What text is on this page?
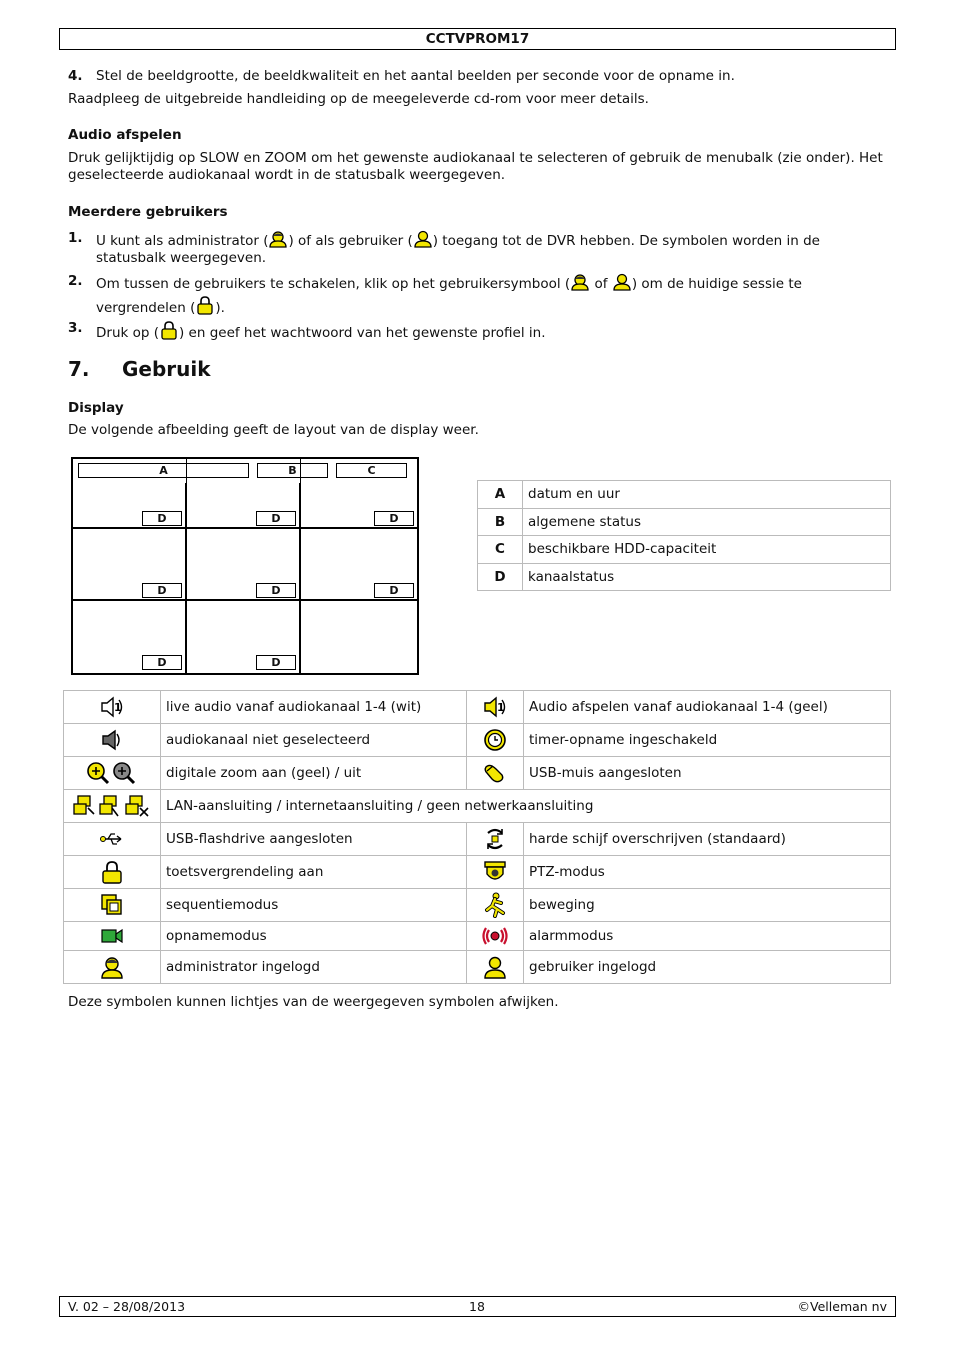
CCTVPROM17
4. Stel de beeldgrootte, de beeldkwaliteit en het aantal beelden per seconde voor de opname in.

Raadpleeg de uitgebreide handleiding op de meegeleverde cd-rom voor meer details.

Audio afspelen

Druk gelijktijdig op SLOW en ZOOM om het gewenste audiokanaal te selecteren of gebruik de menubalk (zie onder). Het geselecteerde audiokanaal wordt in de statusbalk weergegeven.

Meerdere gebruikers

1. U kunt als administrator ( ) of als gebruiker ( ) toegang tot de DVR hebben. De symbolen worden in de statusbalk weergegeven.

2. Om tussen de gebruikers te schakelen, klik op het gebruikersymbool (
of
) om de huidige sessie te vergrendelen ( ).

3. Druk op ( ) en geef het wachtwoord van het gewenste profiel in.

7. Gebruik

Display

De volgende afbeelding geeft de layout van de display weer.

A	B	C
D	D	D
D	D	D
D	D
A	datum en uur
B	algemene status
C	beschikbare HDD-capaciteit
D	kanaalstatus
1	live audio vanaf audiokanaal 1-4 (wit)	1	Audio afspelen vanaf audiokanaal 1-4 (geel)
	audiokanaal niet geselecteerd		timer-opname ingeschakeld
	digitale zoom aan (geel) / uit		USB-muis aangesloten
	LAN-aansluiting / internetaansluiting / geen netwerkaansluiting		
	USB-flashdrive aangesloten		harde schijf overschrijven (standaard)
	toetsvergrendeling aan		PTZ-modus
	sequentiemodus		beweging
	opnamemodus		alarmmodus
	administrator ingelogd		gebruiker ingelogd

Deze symbolen kunnen lichtjes van de weergegeven symbolen afwijken.

V. 02 – 28/08/2013	18	©Velleman nv
